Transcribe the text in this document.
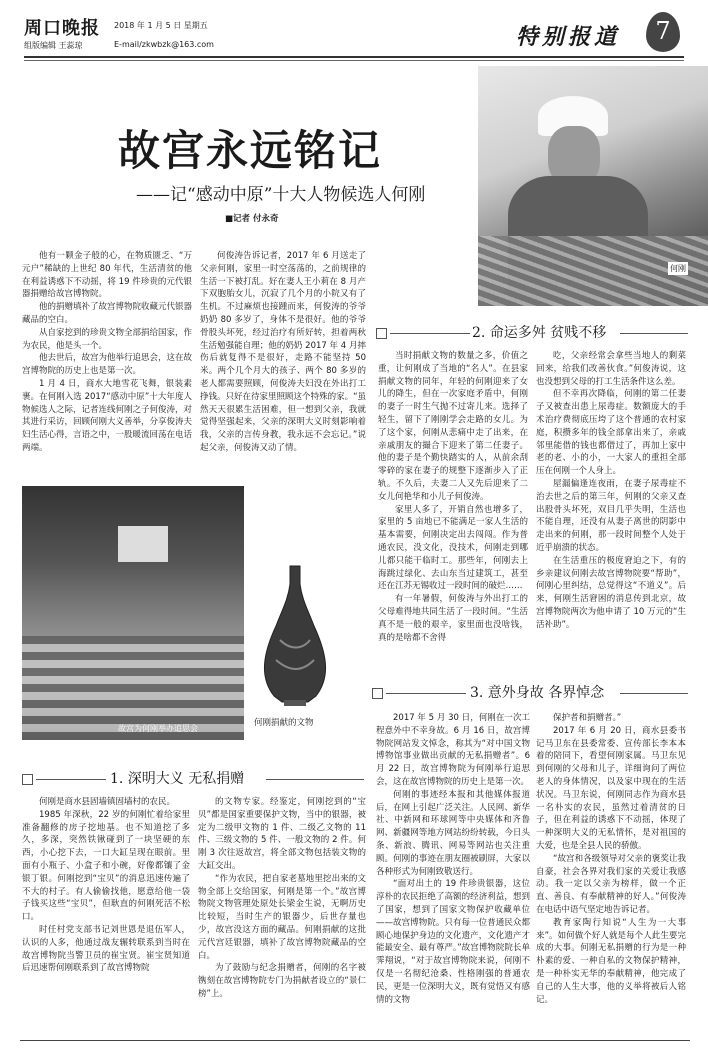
周口晚报 2018 年 1 月 5 日 星期五
组版编辑 王蕊琼	E-mail/zkwbzk@163.com	特别报道	7
故宫永远铭记
——记“感动中原”十大人物候选人何刚
■记者 付永奇
何刚

他有一颗金子般的心，在物质匮乏、“万元户”稀缺的上世纪 80 年代，生活清贫的他在利益诱惑下不动摇，将 19 件珍贵的元代银器捐赠给故宫博物院。

他的捐赠填补了故宫博物院收藏元代银器藏品的空白。

从自家挖到的珍贵文物全部捐给国家，作为农民，他是头一个。

他去世后，故宫为他举行追思会，这在故宫博物院的历史上也是第一次。

1 月 4 日，商水大地雪花飞舞，银装素裹。在何刚入选 2017“感动中原”十大年度人物候选人之际，记者连线何刚之子何俊涛，对其进行采访，回顾何刚大义善举，分享俊涛夫妇生活心得，言语之中，一股暖流回荡在电话两端。

何俊涛告诉记者，2017 年 6 月送走了父亲何刚，家里一时空荡荡的，之前规律的生活一下被打乱。好在妻人王小莉在 8 月产下双胞胎女儿，沉寂了几个月的小院又有了生机。不过麻烦也接踵而来，何俊涛的爷爷奶奶 80 多岁了，身体不是很好。他的爷爷骨股头坏死，经过治疗有所好转，担着两秋生活勉强能自理；他的奶奶 2017 年 4 月摔伤后就复得不是很好，走路不能坚持 50 米。两个几个月大的孩子、两个 80 多岁的老人都需要照顾，何俊涛夫妇没在外出打工挣钱。只好在待家里照顾这个特殊的家。“虽然天天很累生活困难，但一想到父亲，我就觉得坚强起来，父亲的深明大义时刻影响着我，父亲的言传身教，我永远不会忘记。”说起父亲，何俊涛又动了情。

2. 命运多舛 贫贱不移

当时捐献文物的数量之多，价值之重，让何刚成了当地的“名人”。在县家捐献文物的同年，年轻的何刚迎来了女儿的降生，但在一次家庭矛盾中，何刚的妻子一时生气抛不过寄儿来。选择了轻生，留下了刚刚学会走路的女儿。为了这个家，何刚从悲痛中走了出来，在亲戚朋友的撮合下迎来了第二任妻子。他的妻子是个勤快踏实的人，从前余刮零碎的家在妻子的规整下逐渐步入了正轨。不久后，夫妻二人又先后迎来了二女儿何艳华和小儿子何俊涛。

家里人多了，开销自然也增多了，家里的 5 亩地已不能满足一家人生活的基本需要，何刚决定出去闯闯。作为普通农民，没文化，没技术，何刚走到哪儿都只能干临时工。那些年，何刚去上海跳过绿化、去山东当过建筑工，甚至还在江苏无锡收过一段时间的破烂……

有一年暑假，何俊涛与外出打工的父母难得地共同生活了一段时间。“生活真不是一般的艰辛，家里面也没啥钱，真的是啥都不舍得

吃，父亲经常会拿些当地人的剩菜回来，给我们改善伙食。”何俊涛说，这也没想到父母的打工生活条件这么差。

但不幸再次降临，何刚的第二任妻子又被查出患上尿毒症。数额庞大的手术治疗费彻底压垮了这个普通的农村家庭，积攒多年的钱全部拿出来了，亲戚邻里能借的钱也都借过了，再加上家中老的老、小的小，一大家人的重担全部压在何刚一个人身上。

屋漏偏逢连夜雨，在妻子尿毒症不治去世之后的第三年，何刚的父亲又查出股骨头坏死，双目几乎失明，生活也不能自理，还没有从妻子离世的阴影中走出来的何刚，那一段时间整个人处于近乎崩溃的状态。

在生活重压的极度窘迫之下，有的乡亲建议何刚去故宫博物院要“帮助”，何刚心里纠结，总觉得这“不道义”。后来，何刚生活窘困的消息传到北京，故宫博物院两次为他申请了 10 万元的“生活补助”。

故宫为何刚举办追思会
何刚捐献的文物
3. 意外身故 各界悼念

2017 年 5 月 30 日，何刚在一次工程意外中不幸身故。6 月 16 日，故宫博物院网站发文悼念，称其为“对中国文物博物馆事业做出贡献的无私捐赠者”。6 月 22 日，故宫博物院为何刚举行追思会，这在故宫博物院的历史上是第一次。

何刚的事迹经本报和其他媒体报道后，在网上引起广泛关注。人民网、新华社、中新网和环球网等中央媒体和齐鲁网、新疆网等地方网站纷纷转载，今日头条、新浪、腾讯、网易等网站也关注重顾。何刚的事迹在朋友圈被刷屏，大家以各种形式为何刚致敬送行。

“面对出土的 19 件珍贵银器，这位淳朴的农民拒绝了高额的经济利益，想到了国家，想到了国家文物保护收藏单位——故宫博物院。只有每一位普通民众都顾心地保护身边的文化遗产，文化遗产才能最安全、最有尊严。”故宫博物院院长单霁翔说，“对于故宫博物院来说，何刚不仅是一名彻纪沧桑、性格刚强的普通农民，更是一位深明大义，既有觉悟又有感情的文物

保护者和捐赠者。”

2017 年 6 月 20 日，商水县委书记马卫东在县委常委、宣传部长李本本着的陪同下，看望何刚家属。马卫东见到何刚的父母和儿子，详细询问了两位老人的身体情况，以及家中现在的生活状况。马卫东说，何刚同志作为商水县一名朴实的农民，虽然过着清贫的日子，但在利益的诱惑下不动摇，体现了一种深明大义的无私情怀，是对祖国的大爱，也是全县人民的骄傲。

“故宫和各级领导对父亲的褒奖让我自豪，社会各界对我们家的关爱让我感动。我一定以父亲为榜样，做一个正直、善良、有奉献精神的好人。”何俊涛在电话中语气坚定地告诉记者。

教育家陶行知说“人生为一大事来”。如何做个好人就是每个人此生要完成的大事。何刚无私捐赠的行为是一种朴素的爱、一种自私的文物保护精神，是一种朴实无华的奉献精神，他完成了自己的人生大事，他的义举将被后人铭记。

1. 深明大义 无私捐赠

何刚是商水县固墙镇固墙村的农民。

1985 年深秋，22 岁的何刚忙着给家里准备翻修的房子挖地基。也不知道挖了多久，多深，突然铁锹碰到了一块坚硬的东西，小心挖下去，一口大缸呈现在眼前。里面有小瓶子、小盒子和小碗，好像都镶了金银丁银。何刚挖到“宝贝”的消息迅速传遍了不大的村子。有人偷偷找他，愿意给他一袋子钱买这些“宝贝”，但耿直的何刚死活不松口。

时任村党支部书记刘世恩是退伍军人，认识的人多，他通过战友辗转联系到当时在故宫博物院当警卫员的崔宝贤。崔宝贤知道后迅速帮何刚联系到了故宫博物院

的文物专家。经鉴定，何刚挖到的“宝贝”都是国家重要保护文物，当中的银器，被定为二级甲文物的 1 件、二级乙文物的 11 件、三级文物的 5 件、一般文物的 2 件。何刚 3 次往返故宫，将全部文物包括装文物的大缸交出。

“作为农民，把自家老墓地里挖出来的文物全部上交给国家，何刚是第一个。”故宫博物院文物管理处原处长梁金生说，无啊历史比较短，当时生产的银器少，后世存量也少，故宫没这方面的藏品。何刚捐献的这批元代宫廷银器，填补了故宫博物院藏品的空白。

为了鼓励与纪念捐赠者，何刚的名字被镌刻在故宫博物院专门为捐献者设立的“景仁榜”上。
